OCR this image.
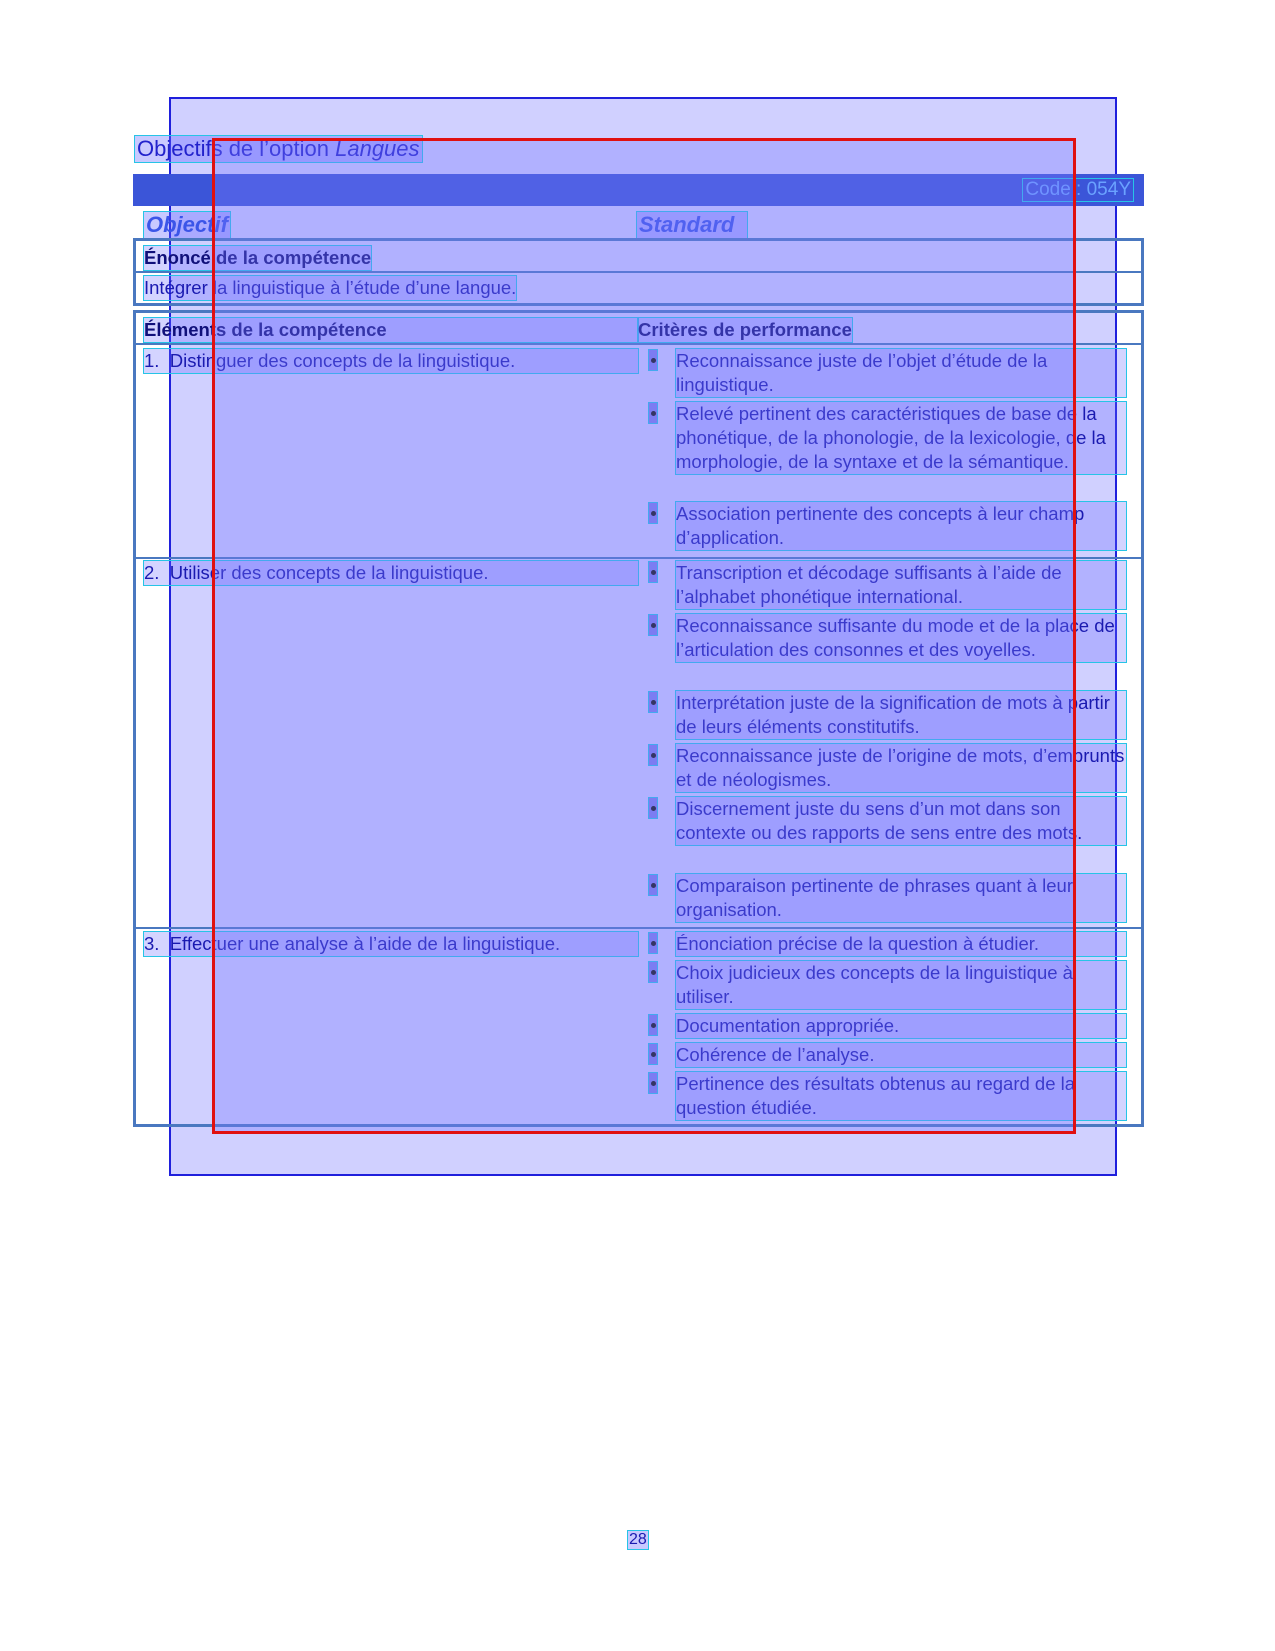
Objectifs de l’option Langues
Code : 054Y
Objectif	Standard
Énoncé de la compétence
Intégrer la linguistique à l’étude d’une langue.
Éléments de la compétence	Critères de performance
1. Distinguer des concepts de la linguistique.	Reconnaissance juste de l’objet d’étude de la linguistique.
Relevé pertinent des caractéristiques de base de la phonétique, de la phonologie, de la lexicologie, de la morphologie, de la syntaxe et de la sémantique.
Association pertinente des concepts à leur champ d’application.
2. Utiliser des concepts de la linguistique.	Transcription et décodage suffisants à l’aide de l’alphabet phonétique international.
Reconnaissance suffisante du mode et de la place de l’articulation des consonnes et des voyelles.
Interprétation juste de la signification de mots à partir de leurs éléments constitutifs.
Reconnaissance juste de l’origine de mots, d’emprunts et de néologismes.
Discernement juste du sens d’un mot dans son contexte ou des rapports de sens entre des mots.
Comparaison pertinente de phrases quant à leur organisation.
3. Effectuer une analyse à l’aide de la linguistique.	Énonciation précise de la question à étudier.
Choix judicieux des concepts de la linguistique à utiliser.
Documentation appropriée.
Cohérence de l’analyse.
Pertinence des résultats obtenus au regard de la question étudiée.
28
